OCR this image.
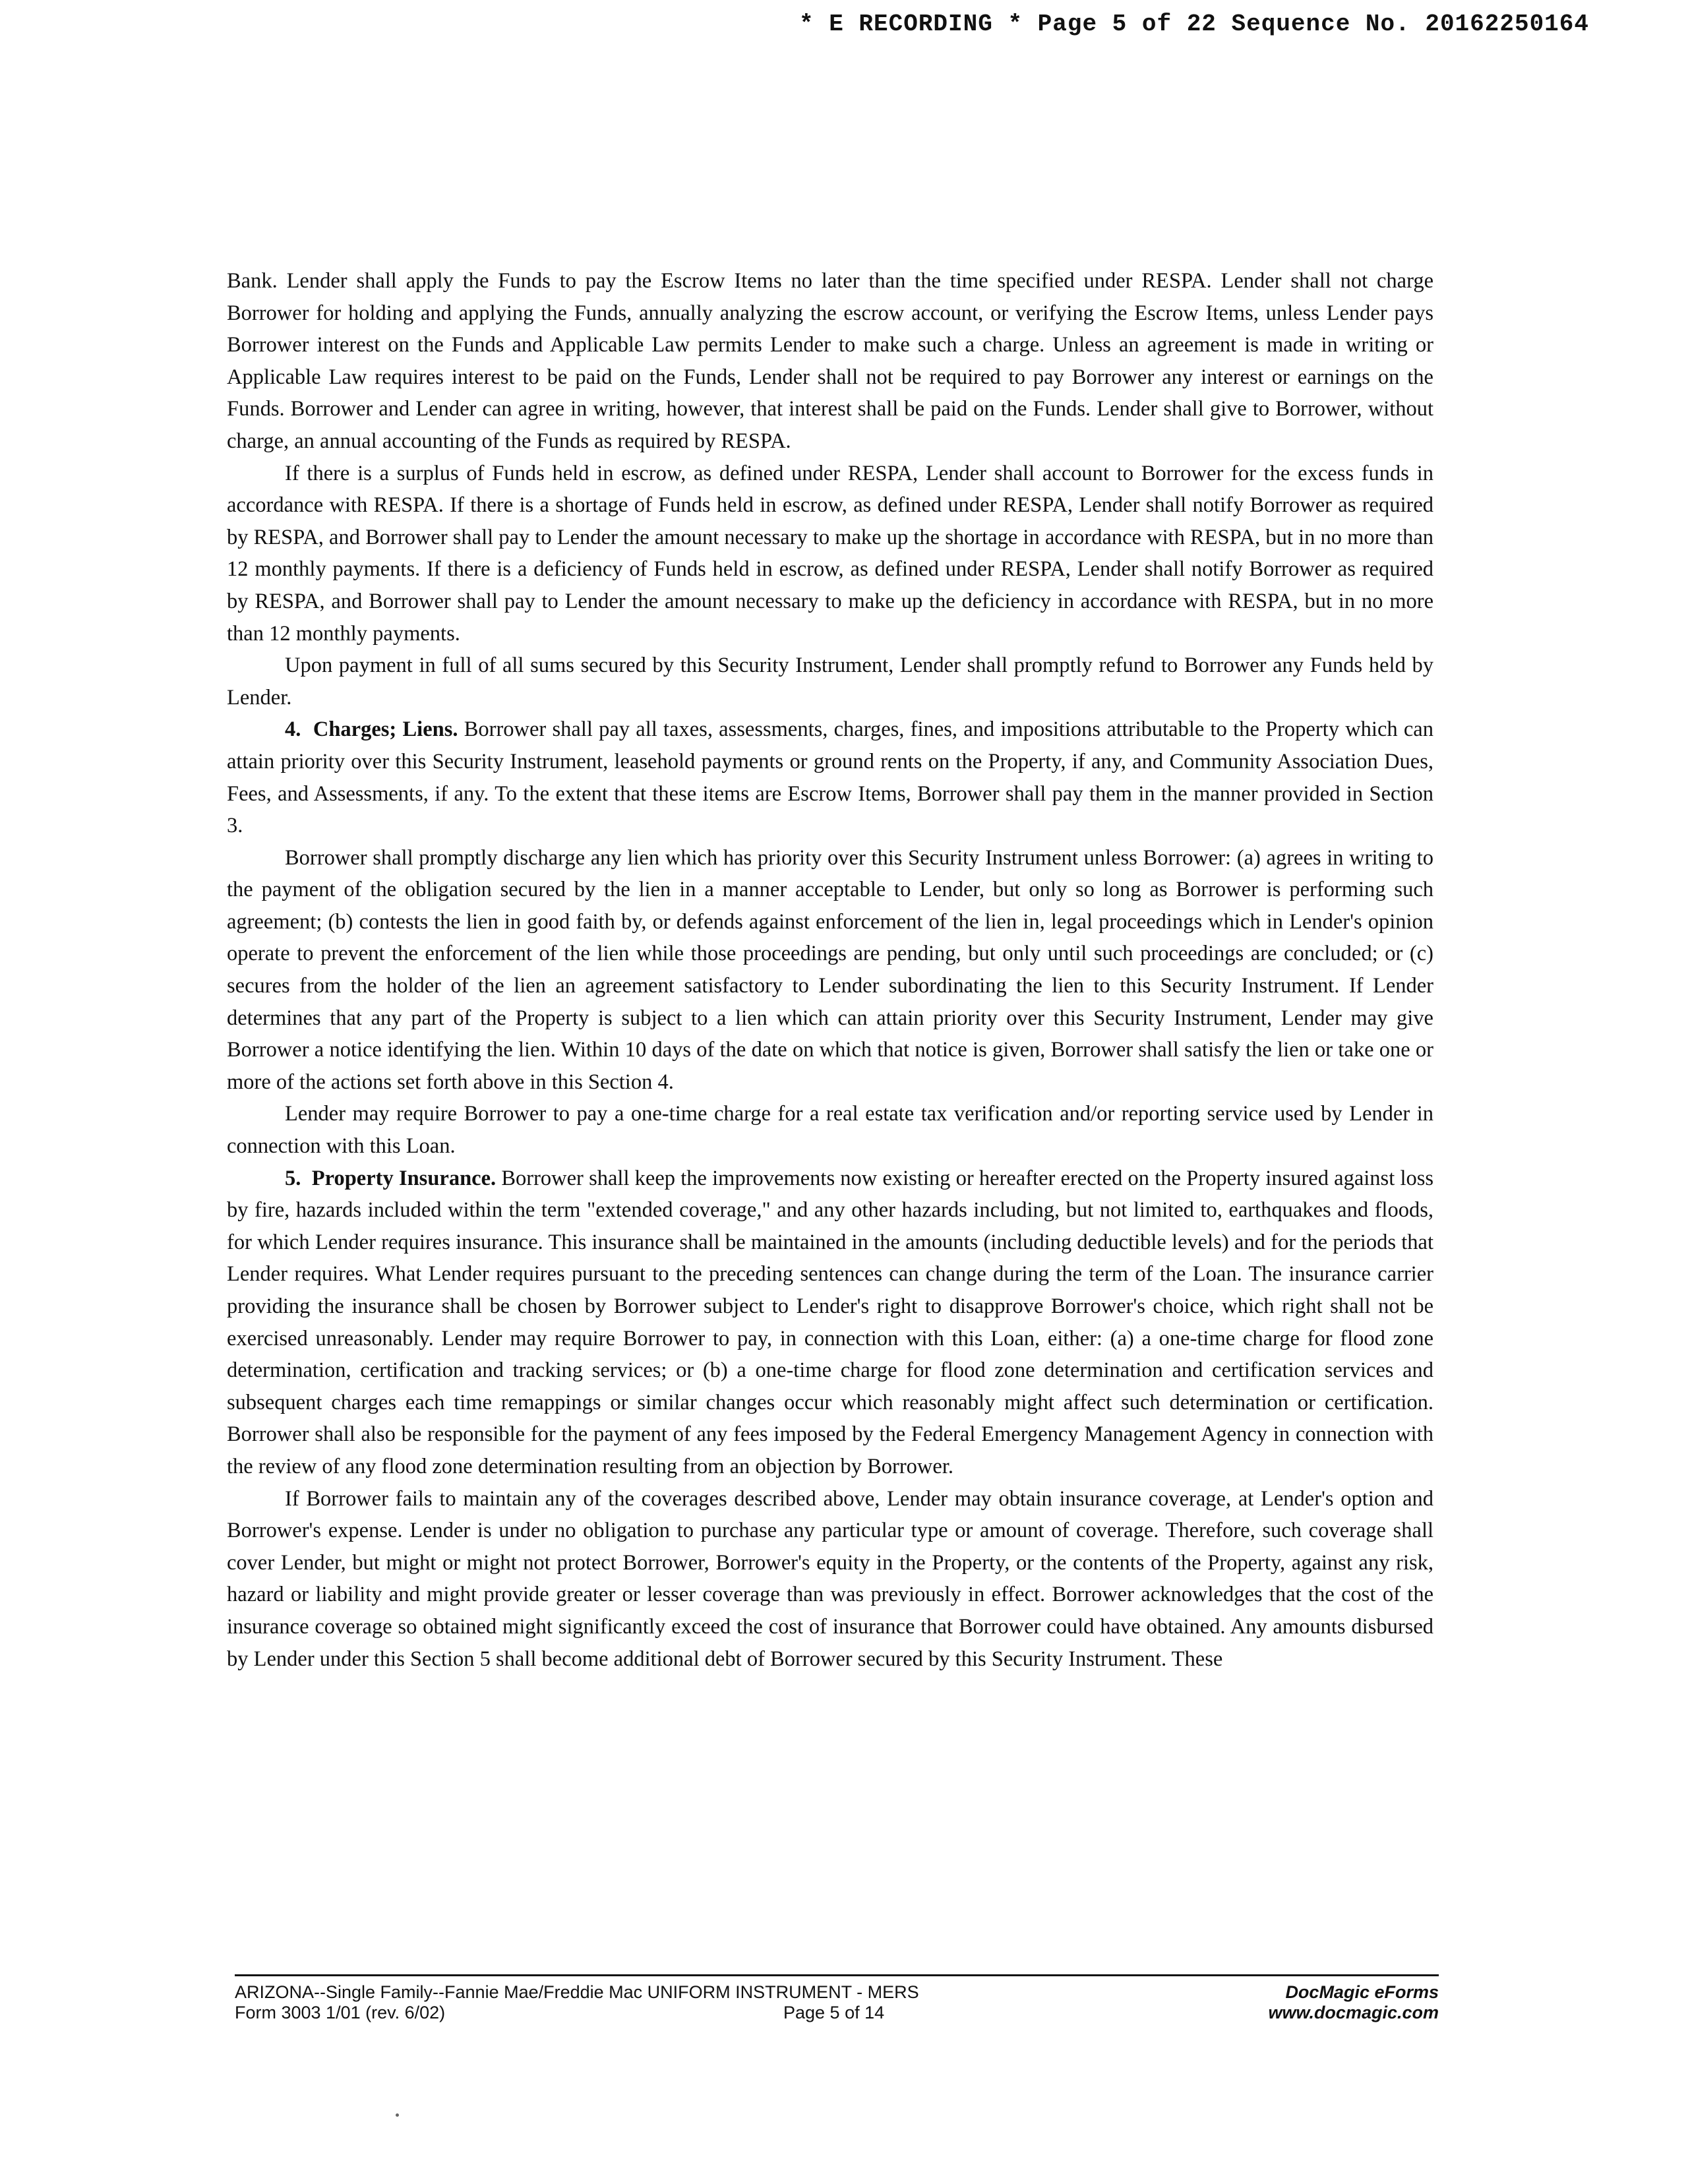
* E RECORDING * Page 5 of 22 Sequence No. 20162250164

Bank. Lender shall apply the Funds to pay the Escrow Items no later than the time specified under RESPA. Lender shall not charge Borrower for holding and applying the Funds, annually analyzing the escrow account, or verifying the Escrow Items, unless Lender pays Borrower interest on the Funds and Applicable Law permits Lender to make such a charge. Unless an agreement is made in writing or Applicable Law requires interest to be paid on the Funds, Lender shall not be required to pay Borrower any interest or earnings on the Funds. Borrower and Lender can agree in writing, however, that interest shall be paid on the Funds. Lender shall give to Borrower, without charge, an annual accounting of the Funds as required by RESPA.

If there is a surplus of Funds held in escrow, as defined under RESPA, Lender shall account to Borrower for the excess funds in accordance with RESPA. If there is a shortage of Funds held in escrow, as defined under RESPA, Lender shall notify Borrower as required by RESPA, and Borrower shall pay to Lender the amount necessary to make up the shortage in accordance with RESPA, but in no more than 12 monthly payments. If there is a deficiency of Funds held in escrow, as defined under RESPA, Lender shall notify Borrower as required by RESPA, and Borrower shall pay to Lender the amount necessary to make up the deficiency in accordance with RESPA, but in no more than 12 monthly payments.

Upon payment in full of all sums secured by this Security Instrument, Lender shall promptly refund to Borrower any Funds held by Lender.

4. Charges; Liens. Borrower shall pay all taxes, assessments, charges, fines, and impositions attributable to the Property which can attain priority over this Security Instrument, leasehold payments or ground rents on the Property, if any, and Community Association Dues, Fees, and Assessments, if any. To the extent that these items are Escrow Items, Borrower shall pay them in the manner provided in Section 3.

Borrower shall promptly discharge any lien which has priority over this Security Instrument unless Borrower: (a) agrees in writing to the payment of the obligation secured by the lien in a manner acceptable to Lender, but only so long as Borrower is performing such agreement; (b) contests the lien in good faith by, or defends against enforcement of the lien in, legal proceedings which in Lender's opinion operate to prevent the enforcement of the lien while those proceedings are pending, but only until such proceedings are concluded; or (c) secures from the holder of the lien an agreement satisfactory to Lender subordinating the lien to this Security Instrument. If Lender determines that any part of the Property is subject to a lien which can attain priority over this Security Instrument, Lender may give Borrower a notice identifying the lien. Within 10 days of the date on which that notice is given, Borrower shall satisfy the lien or take one or more of the actions set forth above in this Section 4.

Lender may require Borrower to pay a one-time charge for a real estate tax verification and/or reporting service used by Lender in connection with this Loan.

5. Property Insurance. Borrower shall keep the improvements now existing or hereafter erected on the Property insured against loss by fire, hazards included within the term "extended coverage," and any other hazards including, but not limited to, earthquakes and floods, for which Lender requires insurance. This insurance shall be maintained in the amounts (including deductible levels) and for the periods that Lender requires. What Lender requires pursuant to the preceding sentences can change during the term of the Loan. The insurance carrier providing the insurance shall be chosen by Borrower subject to Lender's right to disapprove Borrower's choice, which right shall not be exercised unreasonably. Lender may require Borrower to pay, in connection with this Loan, either: (a) a one-time charge for flood zone determination, certification and tracking services; or (b) a one-time charge for flood zone determination and certification services and subsequent charges each time remappings or similar changes occur which reasonably might affect such determination or certification. Borrower shall also be responsible for the payment of any fees imposed by the Federal Emergency Management Agency in connection with the review of any flood zone determination resulting from an objection by Borrower.

If Borrower fails to maintain any of the coverages described above, Lender may obtain insurance coverage, at Lender's option and Borrower's expense. Lender is under no obligation to purchase any particular type or amount of coverage. Therefore, such coverage shall cover Lender, but might or might not protect Borrower, Borrower's equity in the Property, or the contents of the Property, against any risk, hazard or liability and might provide greater or lesser coverage than was previously in effect. Borrower acknowledges that the cost of the insurance coverage so obtained might significantly exceed the cost of insurance that Borrower could have obtained. Any amounts disbursed by Lender under this Section 5 shall become additional debt of Borrower secured by this Security Instrument. These

ARIZONA--Single Family--Fannie Mae/Freddie Mac UNIFORM INSTRUMENT - MERS
Form 3003 1/01 (rev. 6/02)	Page 5 of 14
DocMagic eForms
www.docmagic.com
